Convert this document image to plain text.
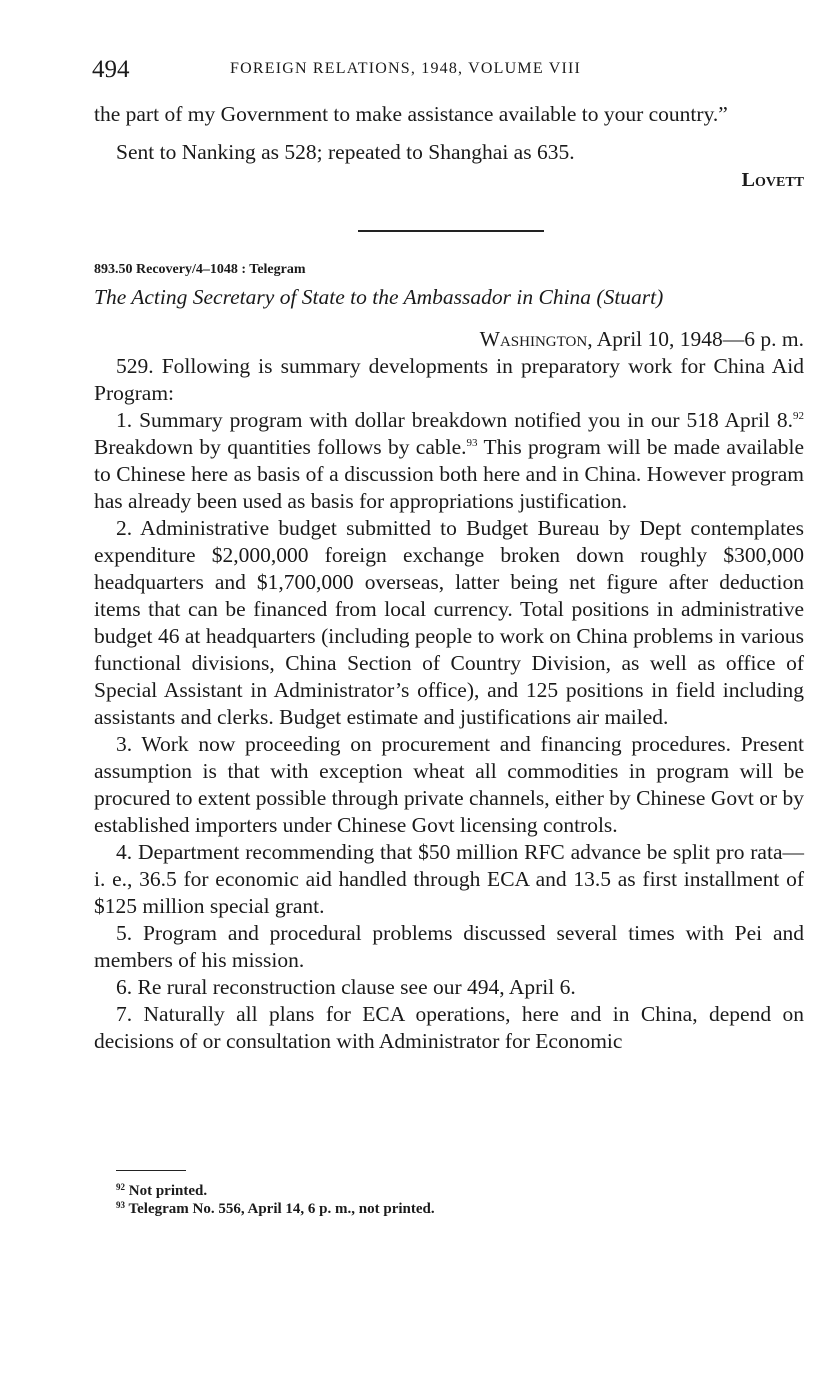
494	FOREIGN RELATIONS, 1948, VOLUME VIII

the part of my Government to make assistance available to your country.”

Sent to Nanking as 528; repeated to Shanghai as 635.

Lovett

893.50 Recovery/4–1048 : Telegram

The Acting Secretary of State to the Ambassador in China (Stuart)

Washington, April 10, 1948—6 p. m.

529. Following is summary developments in preparatory work for China Aid Program:

1. Summary program with dollar breakdown notified you in our 518 April 8.92 Breakdown by quantities follows by cable.$^{93}$ This program will be made available to Chinese here as basis of a discussion both here and in China. However program has already been used as basis for appropriations justification.

2. Administrative budget submitted to Budget Bureau by Dept contemplates expenditure $2,000,000 foreign exchange broken down roughly $300,000 headquarters and $1,700,000 overseas, latter being net figure after deduction items that can be financed from local currency. Total positions in administrative budget 46 at headquarters (including people to work on China problems in various functional divisions, China Section of Country Division, as well as office of Special Assistant in Administrator’s office), and 125 positions in field including assistants and clerks. Budget estimate and justifications air mailed.

3. Work now proceeding on procurement and financing procedures. Present assumption is that with exception wheat all commodities in program will be procured to extent possible through private channels, either by Chinese Govt or by established importers under Chinese Govt licensing controls.

4. Department recommending that $50 million RFC advance be split pro rata—i. e., 36.5 for economic aid handled through ECA and 13.5 as first installment of $125 million special grant.

5. Program and procedural problems discussed several times with Pei and members of his mission.

6. Re rural reconstruction clause see our 494, April 6.

7. Naturally all plans for ECA operations, here and in China, depend on decisions of or consultation with Administrator for Economic

$^{92}$ Not printed.
$^{93}$ Telegram No. 556, April 14, 6 p. m., not printed.
